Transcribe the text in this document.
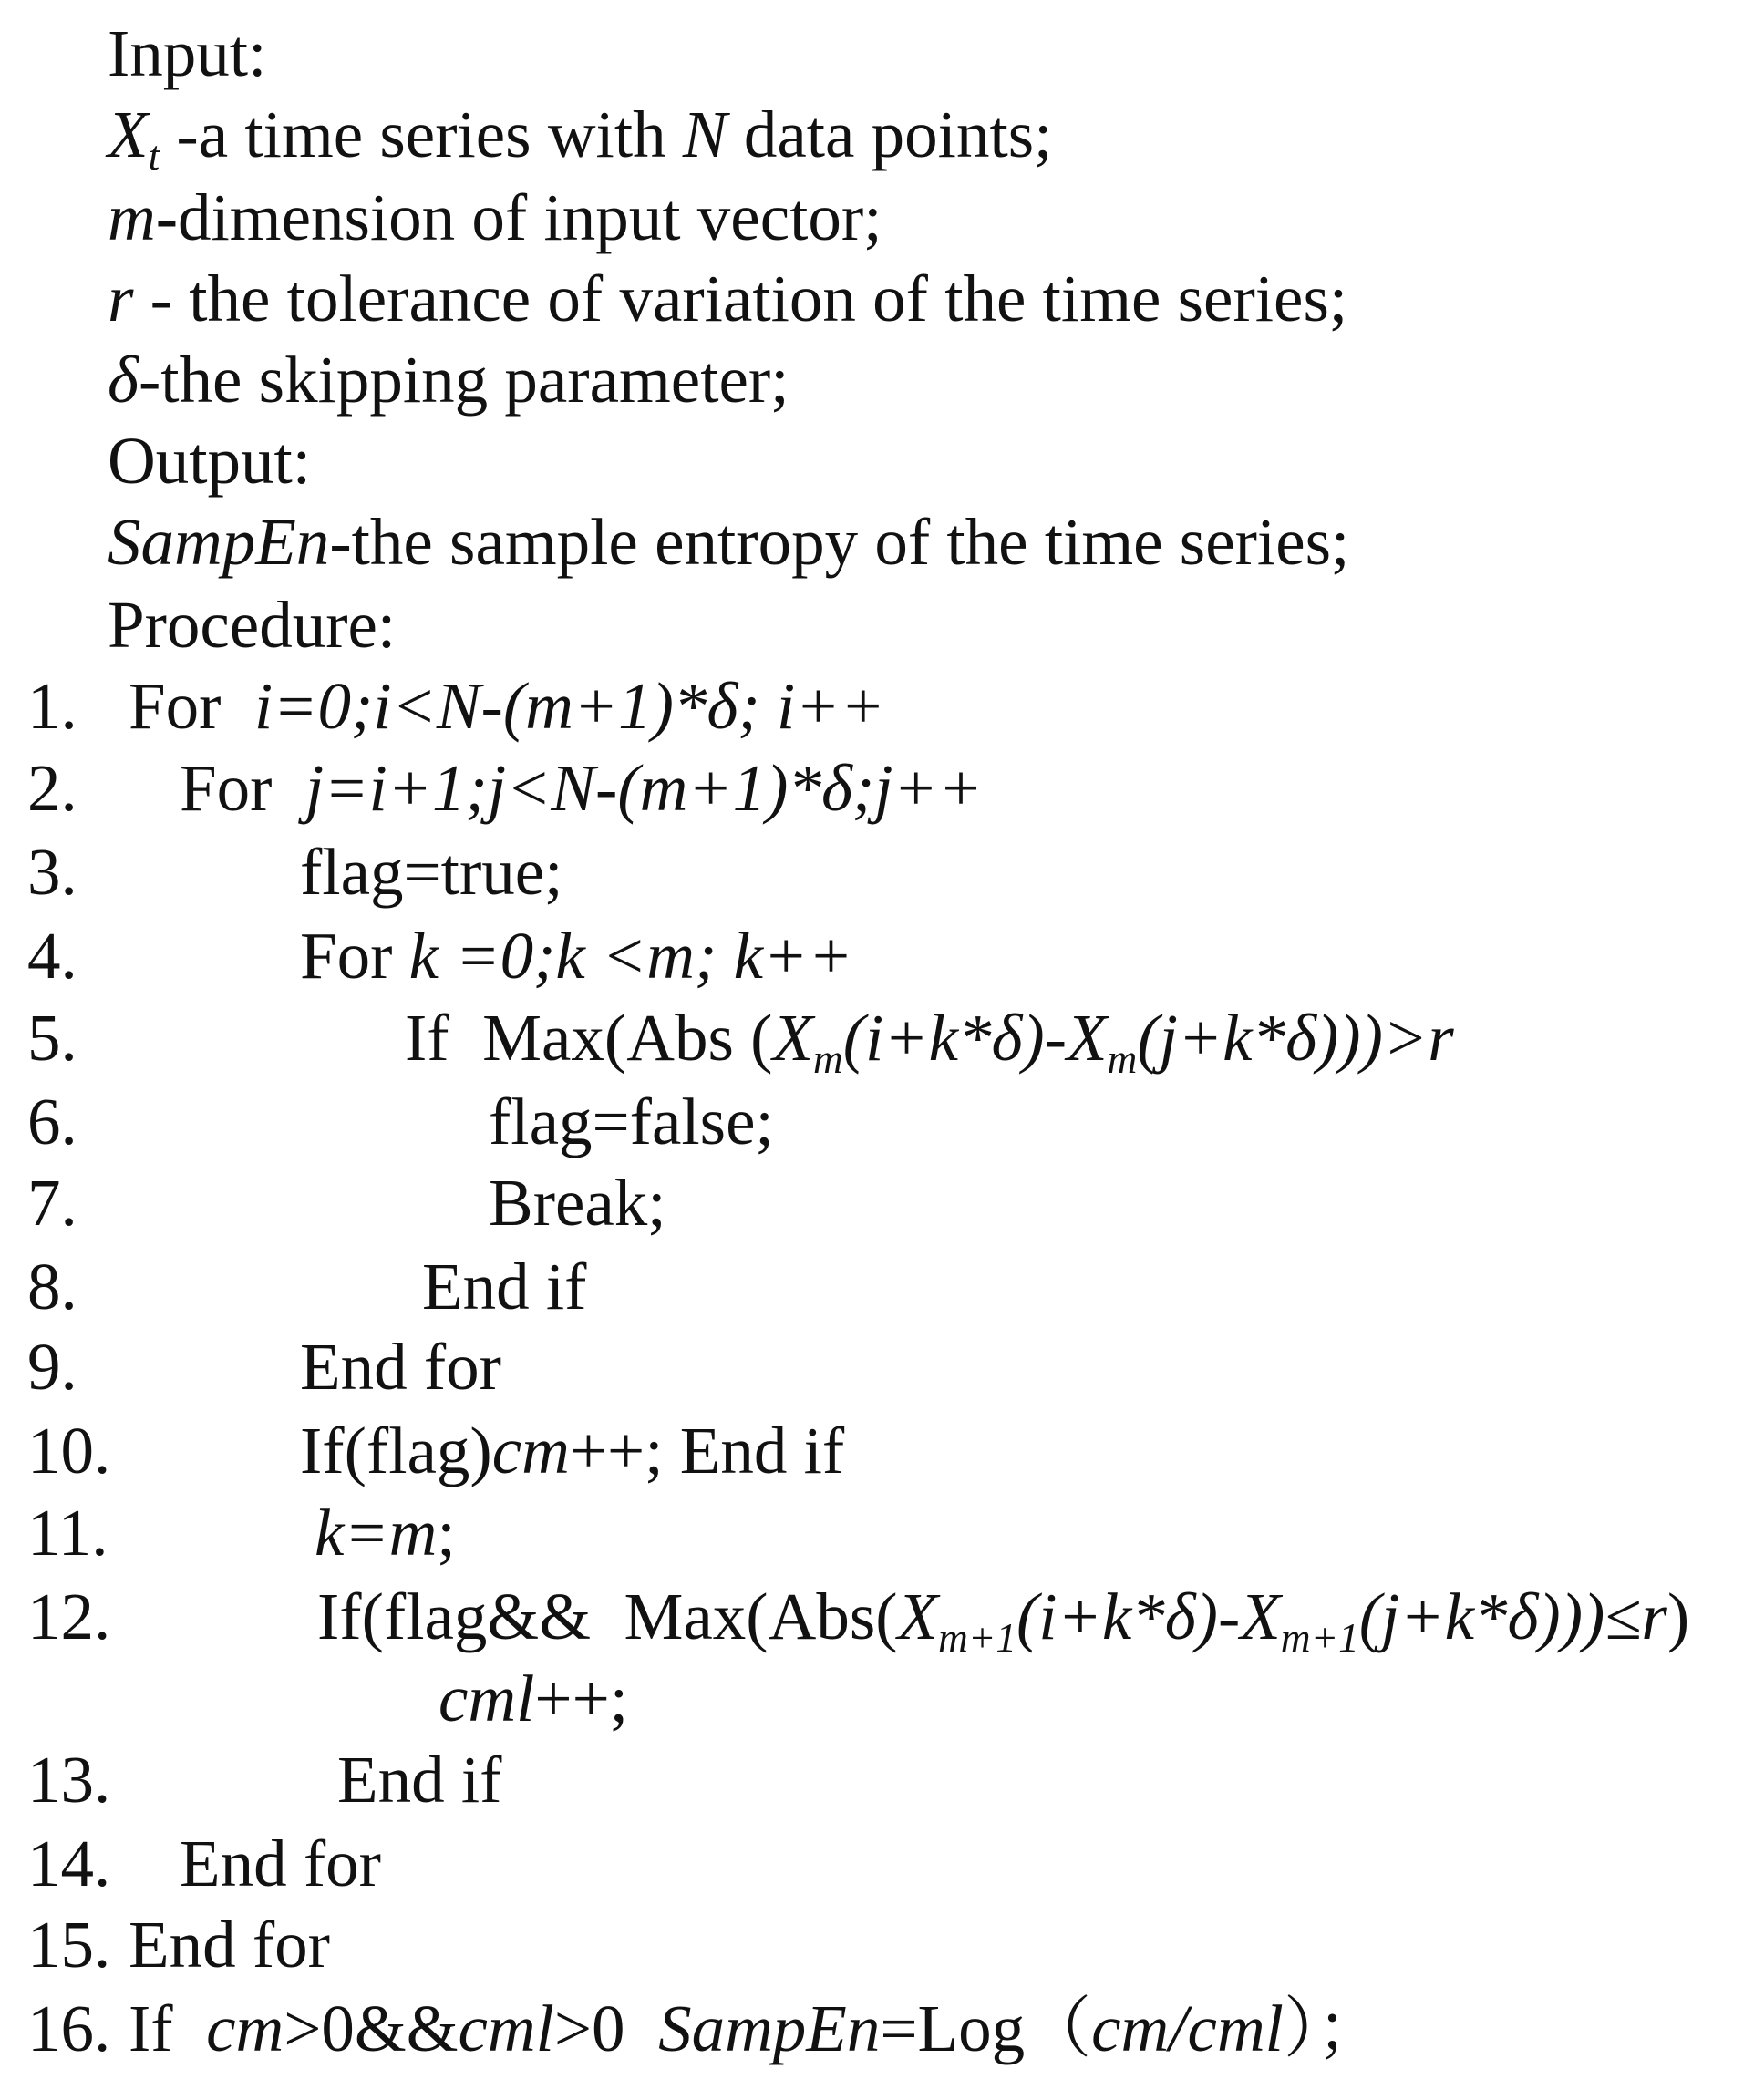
Input:
Xt -a time series with N data points;
m-dimension of input vector;
r - the tolerance of variation of the time series;
δ-the skipping parameter;
Output:
SampEn-the sample entropy of the time series;
Procedure:
1. For  i=0;i<N-(m+1)*δ; i++
2. For  j=i+1;j<N-(m+1)*δ;j++
3.	flag=true;
4.	For k =0;k <m; k++
5.	If  Max(Abs (Xm(i+k*δ)-Xm(j+k*δ)))>r
6.	flag=false;
7.	Break;
8.	End if
9.	End for
10.	If(flag)cm++; End if
11.	k=m;
12.	If(flag&&  Max(Abs(Xm+1(i+k*δ)-Xm+1(j+k*δ)))≤r)
cml++;
13.	End if
14. End for
15. End for
16. If  cm>0&&cml>0  SampEn=Log（cm/cml）；
